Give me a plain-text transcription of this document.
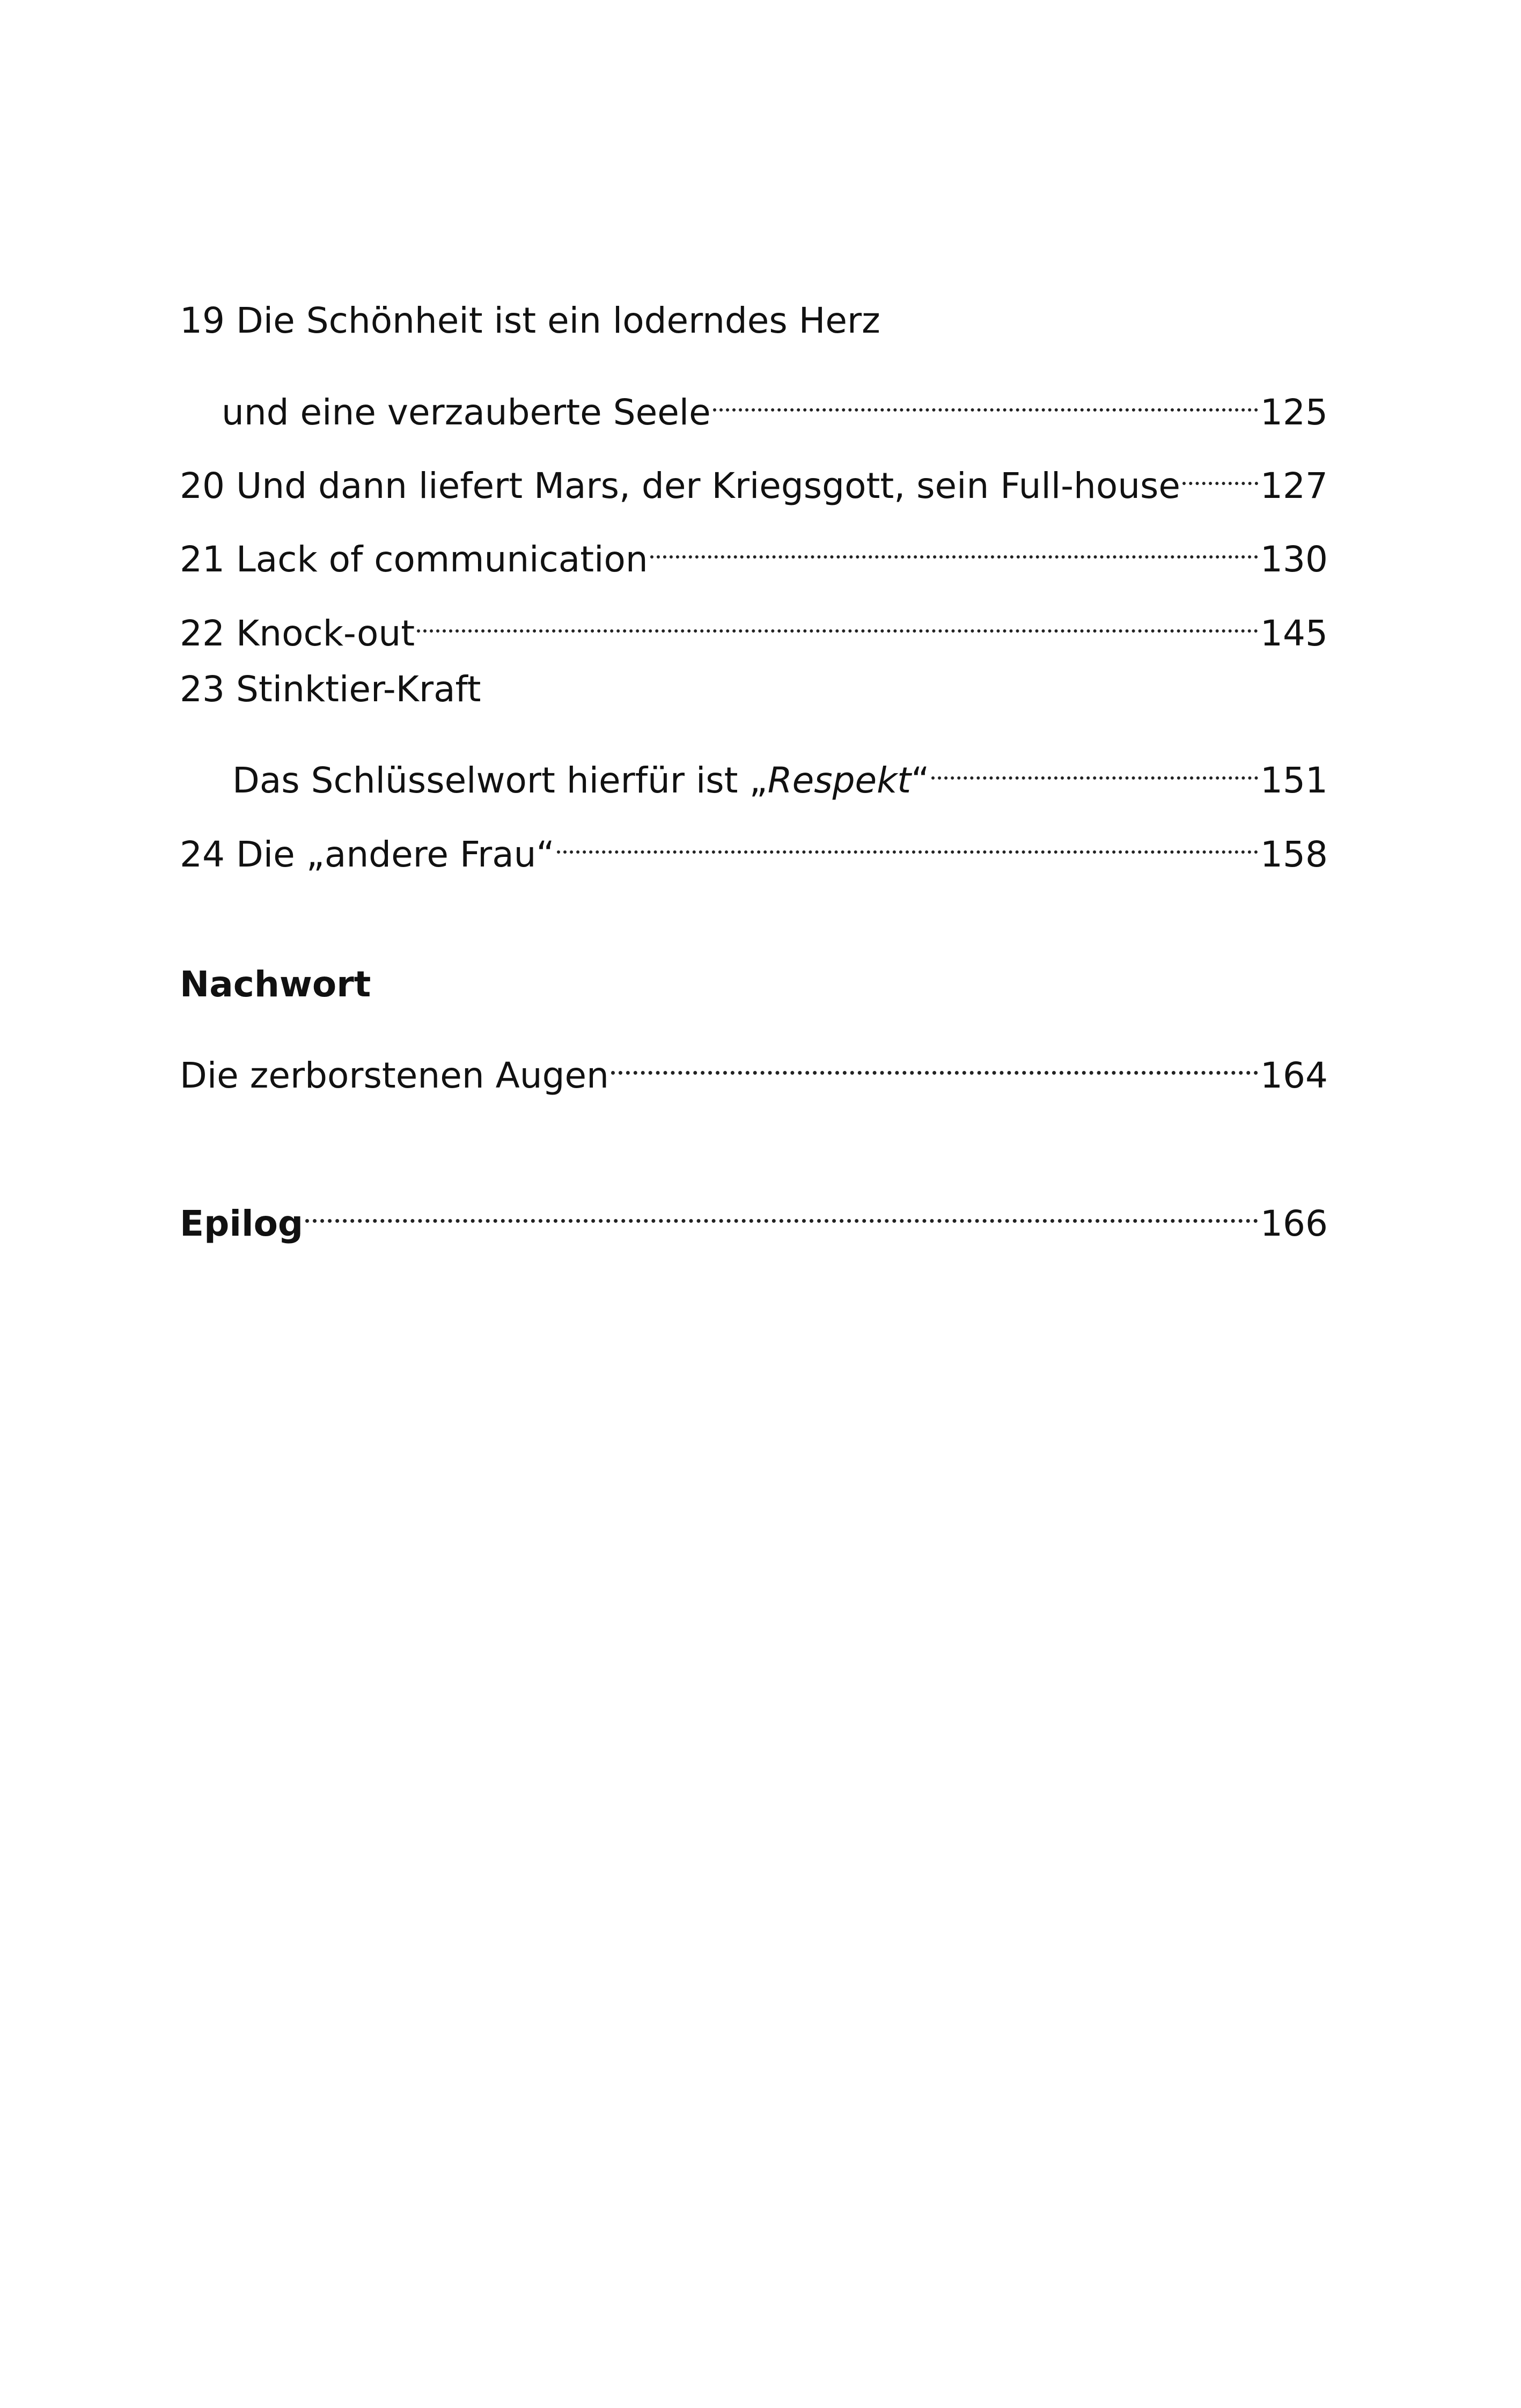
19 Die Schönheit ist ein loderndes Herz
und eine verzauberte Seele	125
20 Und dann liefert Mars, der Kriegsgott, sein Full-house 127
21 Lack of communication	130
22 Knock-out	145
23 Stinktier-Kraft
Das Schlüsselwort hierfür ist „Respekt“	151
24 Die „andere Frau“	158
Nachwort
Die zerborstenen Augen	164
Epilog	166
